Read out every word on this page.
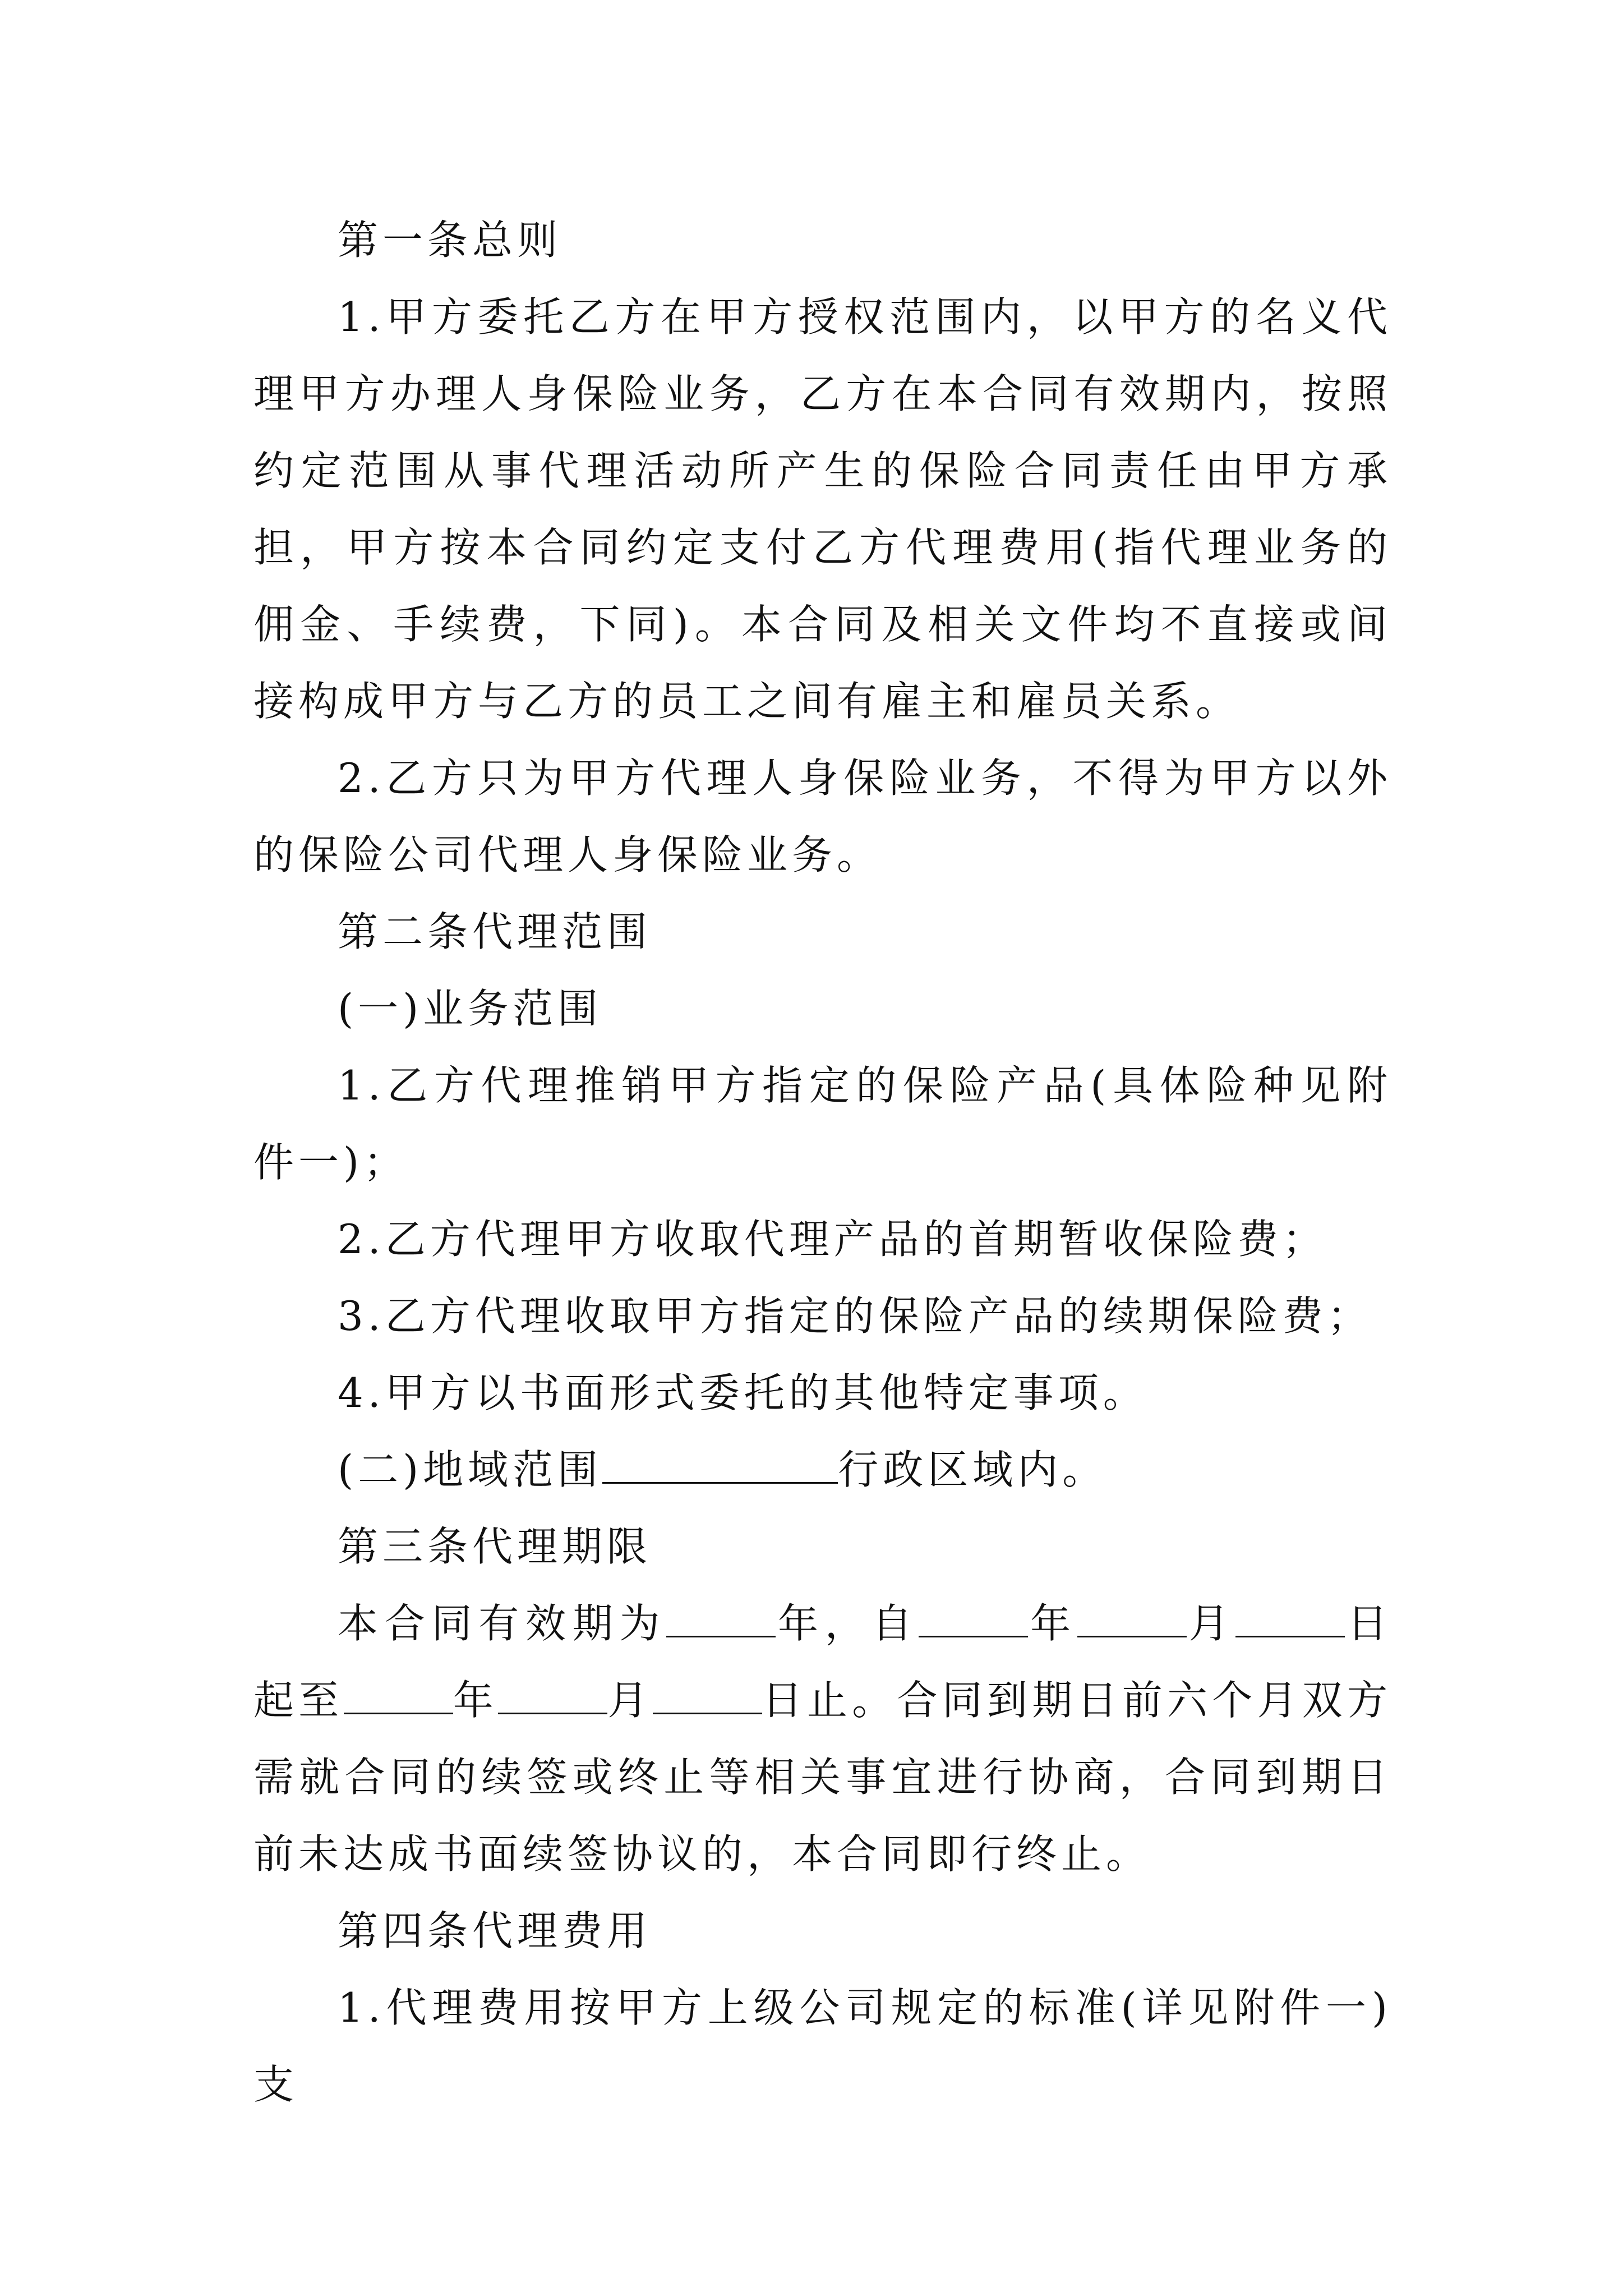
第一条总则

1.甲方委托乙方在甲方授权范围内，以甲方的名义代理甲方办理人身保险业务，乙方在本合同有效期内，按照约定范围从事代理活动所产生的保险合同责任由甲方承担，甲方按本合同约定支付乙方代理费用(指代理业务的佣金、手续费，下同)。本合同及相关文件均不直接或间接构成甲方与乙方的员工之间有雇主和雇员关系。

2.乙方只为甲方代理人身保险业务，不得为甲方以外的保险公司代理人身保险业务。

第二条代理范围

(一)业务范围

1.乙方代理推销甲方指定的保险产品(具体险种见附件一)；

2.乙方代理甲方收取代理产品的首期暂收保险费；

3.乙方代理收取甲方指定的保险产品的续期保险费；

4.甲方以书面形式委托的其他特定事项。

(二)地域范围	行政区域内。

第三条代理期限

本合同有效期为	年，自	年	月	日起至	年	月	日止。合同到期日前六个月双方需就合同的续签或终止等相关事宜进行协商，合同到期日前未达成书面续签协议的，本合同即行终止。

第四条代理费用

1.代理费用按甲方上级公司规定的标准(详见附件一)支
